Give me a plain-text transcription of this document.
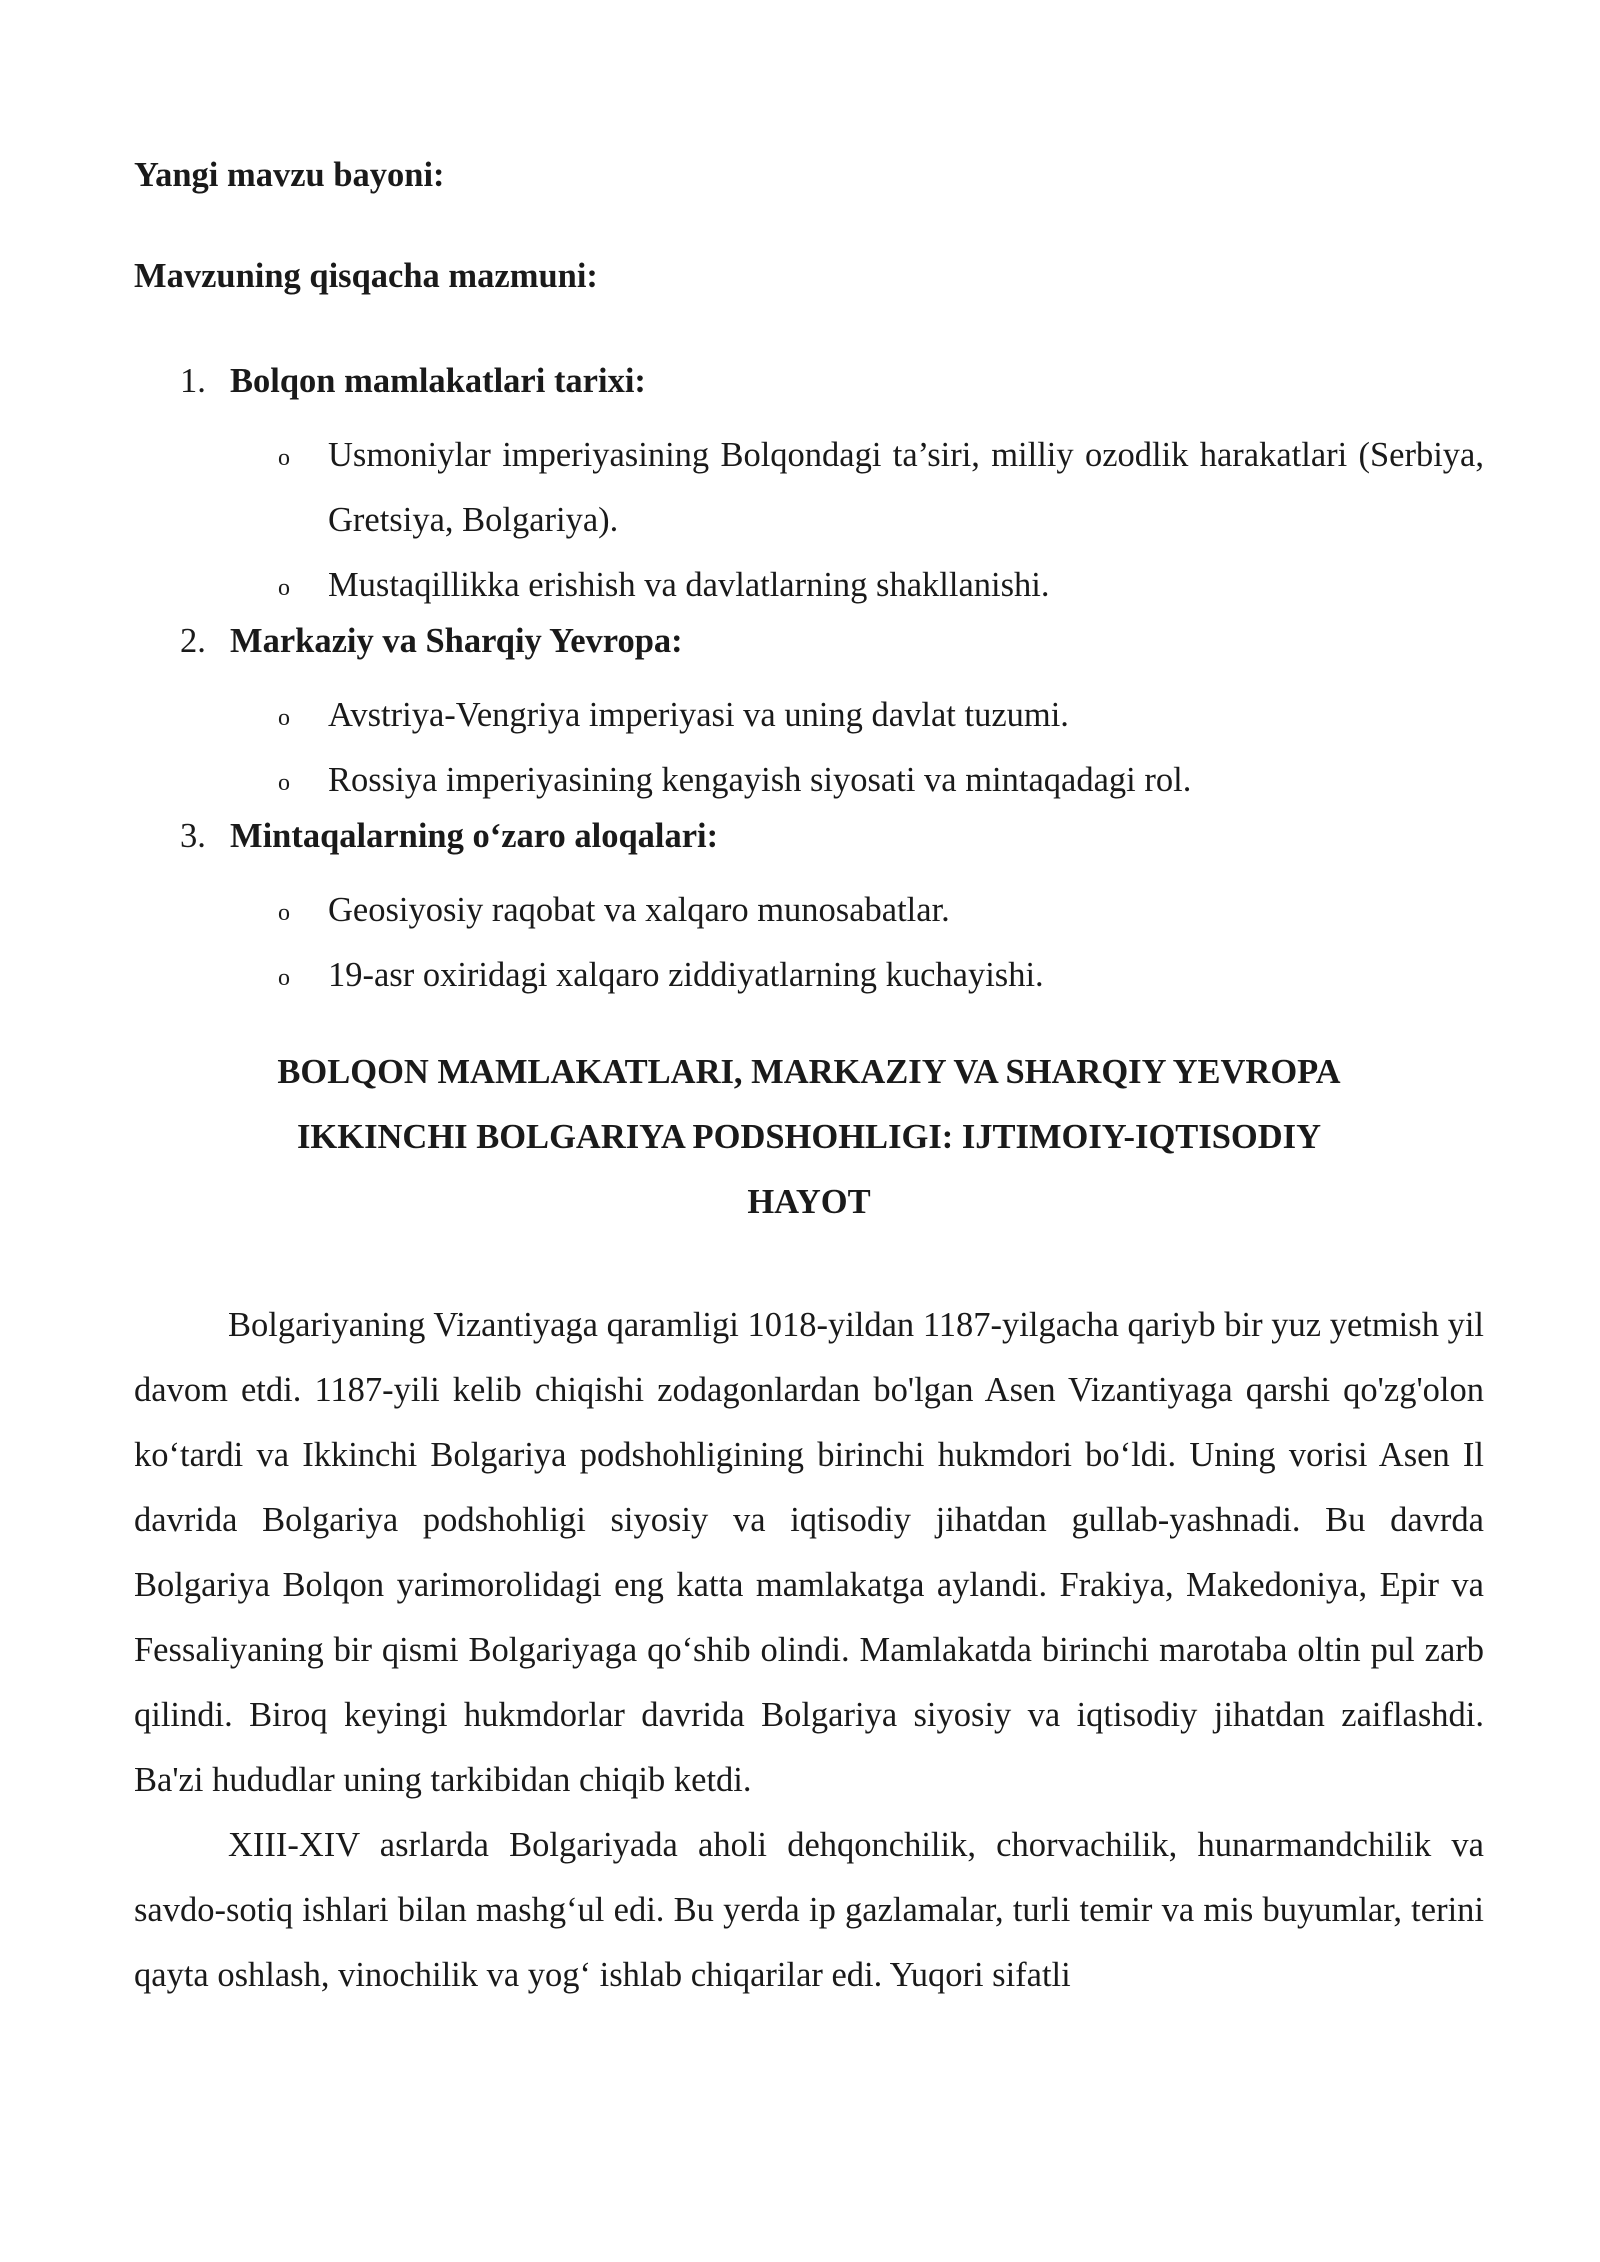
Yangi mavzu bayoni:

Mavzuning qisqacha mazmuni:

1. Bolqon mamlakatlari tarixi:
o Usmoniylar imperiyasining Bolqondagi ta’siri, milliy ozodlik harakatlari (Serbiya, Gretsiya, Bolgariya).
o Mustaqillikka erishish va davlatlarning shakllanishi.
2. Markaziy va Sharqiy Yevropa:
o Avstriya-Vengriya imperiyasi va uning davlat tuzumi.
o Rossiya imperiyasining kengayish siyosati va mintaqadagi rol.
3. Mintaqalarning o‘zaro aloqalari:
o Geosiyosiy raqobat va xalqaro munosabatlar.
o 19-asr oxiridagi xalqaro ziddiyatlarning kuchayishi.
BOLQON MAMLAKATLARI, MARKAZIY VA SHARQIY YEVROPA
IKKINCHI BOLGARIYA PODSHOHLIGI: IJTIMOIY-IQTISODIY
HAYOT

Bolgariyaning Vizantiyaga qaramligi 1018-yildan 1187-yilgacha qariyb bir yuz yetmish yil davom etdi. 1187-yili kelib chiqishi zodagonlardan bo'lgan Asen Vizantiyaga qarshi qo'zg'olon ko‘tardi va Ikkinchi Bolgariya podshohligining birinchi hukmdori bo‘ldi. Uning vorisi Asen Il davrida Bolgariya podshohligi siyosiy va iqtisodiy jihatdan gullab-yashnadi. Bu davrda Bolgariya Bolqon yarimorolidagi eng katta mamlakatga aylandi. Frakiya, Makedoniya, Epir va Fessaliyaning bir qismi Bolgariyaga qo‘shib olindi. Mamlakatda birinchi marotaba oltin pul zarb qilindi. Biroq keyingi hukmdorlar davrida Bolgariya siyosiy va iqtisodiy jihatdan zaiflashdi. Ba'zi hududlar uning tarkibidan chiqib ketdi.

XIII-XIV asrlarda Bolgariyada aholi dehqonchilik, chorvachilik, hunarmandchilik va savdo-sotiq ishlari bilan mashg‘ul edi. Bu yerda ip gazlamalar, turli temir va mis buyumlar, terini qayta oshlash, vinochilik va yog‘ ishlab chiqarilar edi. Yuqori sifatli
